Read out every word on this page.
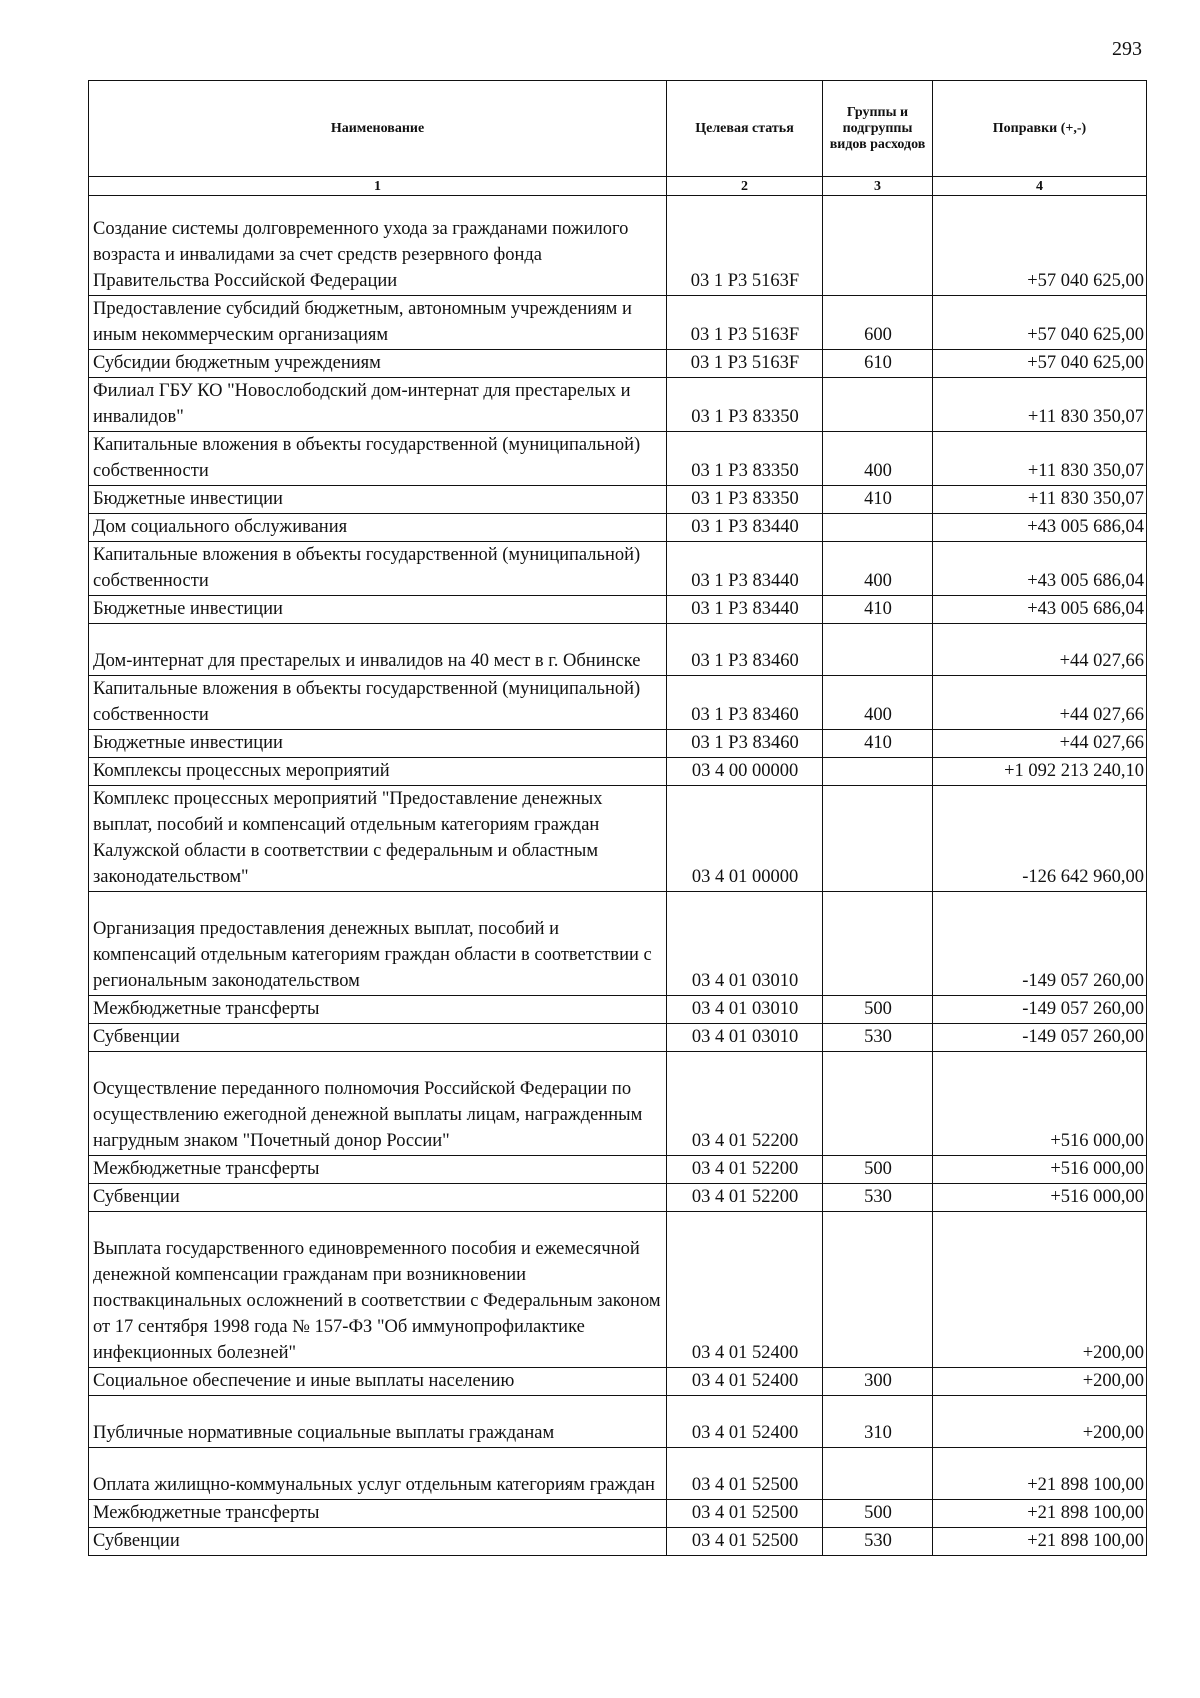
293
Наименование	Целевая статья	Группы и подгруппы видов расходов	Поправки (+,-)
1	2	3	4
Создание системы долговременного ухода за гражданами пожилого возраста и инвалидами за счет средств резервного фонда Правительства Российской Федерации	03 1 Р3 5163F		+57 040 625,00
Предоставление субсидий бюджетным, автономным учреждениям и иным некоммерческим организациям	03 1 Р3 5163F	600	+57 040 625,00
Субсидии бюджетным учреждениям	03 1 Р3 5163F	610	+57 040 625,00
Филиал ГБУ КО "Новослободский дом-интернат для престарелых и инвалидов"	03 1 Р3 83350		+11 830 350,07
Капитальные вложения в объекты государственной (муниципальной) собственности	03 1 Р3 83350	400	+11 830 350,07
Бюджетные инвестиции	03 1 Р3 83350	410	+11 830 350,07
Дом социального обслуживания	03 1 Р3 83440		+43 005 686,04
Капитальные вложения в объекты государственной (муниципальной) собственности	03 1 Р3 83440	400	+43 005 686,04
Бюджетные инвестиции	03 1 Р3 83440	410	+43 005 686,04
Дом-интернат для престарелых и инвалидов на 40 мест в г. Обнинске	03 1 Р3 83460		+44 027,66
Капитальные вложения в объекты государственной (муниципальной) собственности	03 1 Р3 83460	400	+44 027,66
Бюджетные инвестиции	03 1 Р3 83460	410	+44 027,66
Комплексы процессных мероприятий	03 4 00 00000		+1 092 213 240,10
Комплекс процессных мероприятий "Предоставление денежных выплат, пособий и компенсаций отдельным категориям граждан Калужской области в соответствии с федеральным и областным законодательством"	03 4 01 00000		-126 642 960,00
Организация предоставления денежных выплат, пособий и компенсаций отдельным категориям граждан области в соответствии с региональным законодательством	03 4 01 03010		-149 057 260,00
Межбюджетные трансферты	03 4 01 03010	500	-149 057 260,00
Субвенции	03 4 01 03010	530	-149 057 260,00
Осуществление переданного полномочия Российской Федерации по осуществлению ежегодной денежной выплаты лицам, награжденным нагрудным знаком "Почетный донор России"	03 4 01 52200		+516 000,00
Межбюджетные трансферты	03 4 01 52200	500	+516 000,00
Субвенции	03 4 01 52200	530	+516 000,00
Выплата государственного единовременного пособия и ежемесячной денежной компенсации гражданам при возникновении поствакцинальных осложнений в соответствии с Федеральным законом от 17 сентября 1998 года № 157-ФЗ "Об иммунопрофилактике инфекционных болезней"	03 4 01 52400		+200,00
Социальное обеспечение и иные выплаты населению	03 4 01 52400	300	+200,00
Публичные нормативные социальные выплаты гражданам	03 4 01 52400	310	+200,00
Оплата жилищно-коммунальных услуг отдельным категориям граждан	03 4 01 52500		+21 898 100,00
Межбюджетные трансферты	03 4 01 52500	500	+21 898 100,00
Субвенции	03 4 01 52500	530	+21 898 100,00
